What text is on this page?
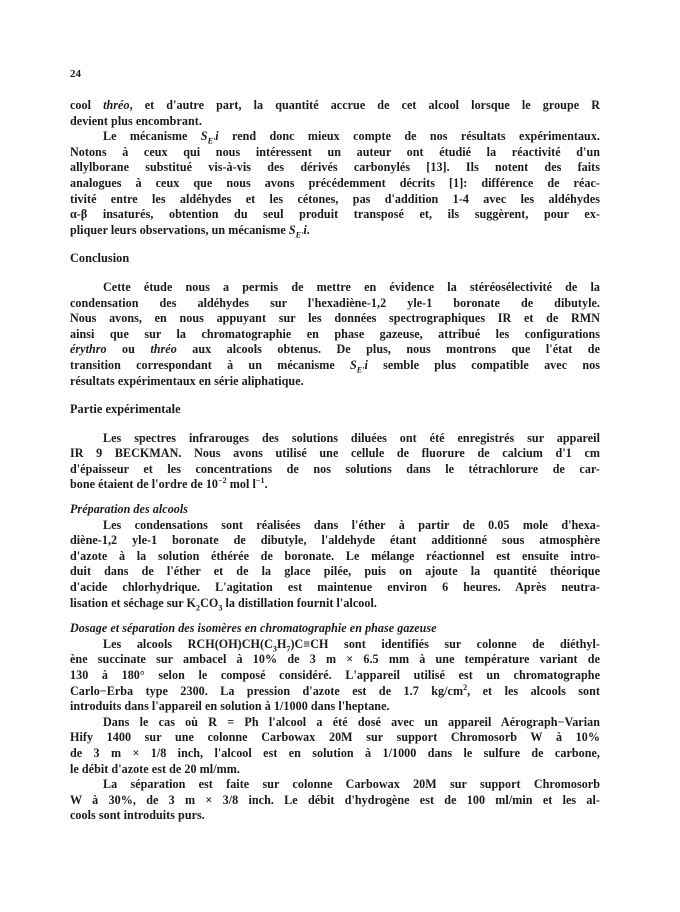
24

cool thréo, et d'autre part, la quantité accrue de cet alcool lorsque le groupe R
devient plus encombrant.

Le mécanisme $S_{E'}i$ rend donc mieux compte de nos résultats expérimentaux.
Notons à ceux qui nous intéressent un auteur ont étudié la réactivité d'un
allylborane substitué vis-à-vis des dérivés carbonylés [13]. Ils notent des faits
analogues à ceux que nous avons précédemment décrits [1]: différence de réac-
tivité entre les aldéhydes et les cétones, pas d'addition 1-4 avec les aldéhydes
α-β insaturés, obtention du seul produit transposé et, ils suggèrent, pour ex-
pliquer leurs observations, un mécanisme $S_{E'}i$.

Conclusion

Cette étude nous a permis de mettre en évidence la stéréosélectivité de la
condensation des aldéhydes sur l'hexadiène-1,2 yle-1 boronate de dibutyle.
Nous avons, en nous appuyant sur les données spectrographiques IR et de RMN
ainsi que sur la chromatographie en phase gazeuse, attribué les configurations
érythro ou thréo aux alcools obtenus. De plus, nous montrons que l'état de
transition correspondant à un mécanisme $S_{E'}i$ semble plus compatible avec nos
résultats expérimentaux en série aliphatique.

Partie expérimentale

Les spectres infrarouges des solutions diluées ont été enregistrés sur appareil
IR 9 BECKMAN. Nous avons utilisé une cellule de fluorure de calcium d'1 cm
d'épaisseur et les concentrations de nos solutions dans le tétrachlorure de car-
bone étaient de l'ordre de $10^{-2}$ mol $l^{-1}$.

Préparation des alcools

Les condensations sont réalisées dans l'éther à partir de 0.05 mole d'hexa-
diène-1,2 yle-1 boronate de dibutyle, l'aldehyde étant additionné sous atmosphère
d'azote à la solution éthérée de boronate. Le mélange réactionnel est ensuite intro-
duit dans de l'éther et de la glace pilée, puis on ajoute la quantité théorique
d'acide chlorhydrique. L'agitation est maintenue environ 6 heures. Après neutra-
lisation et séchage sur $K_2CO_3$ la distillation fournit l'alcool.

Dosage et séparation des isomères en chromatographie en phase gazeuse

Les alcools $RCH(OH)CH(C_3H_7)C\equiv CH$ sont identifiés sur colonne de diéthyl-
ène succinate sur ambacel à 10% de 3 m × 6.5 mm à une température variant de
130 à 180° selon le composé considéré. L'appareil utilisé est un chromatographe
Carlo−Erba type 2300. La pression d'azote est de 1.7 $kg/cm^2$, et les alcools sont
introduits dans l'appareil en solution à 1/1000 dans l'heptane.
Dans le cas où R = Ph l'alcool a été dosé avec un appareil Aérograph−Varian
Hify 1400 sur une colonne Carbowax 20M sur support Chromosorb W à 10%
de 3 m × 1/8 inch, l'alcool est en solution à 1/1000 dans le sulfure de carbone,
le débit d'azote est de 20 ml/mm.
La séparation est faite sur colonne Carbowax 20M sur support Chromosorb
W à 30%, de 3 m × 3/8 inch. Le débit d'hydrogène est de 100 ml/min et les al-
cools sont introduits purs.
